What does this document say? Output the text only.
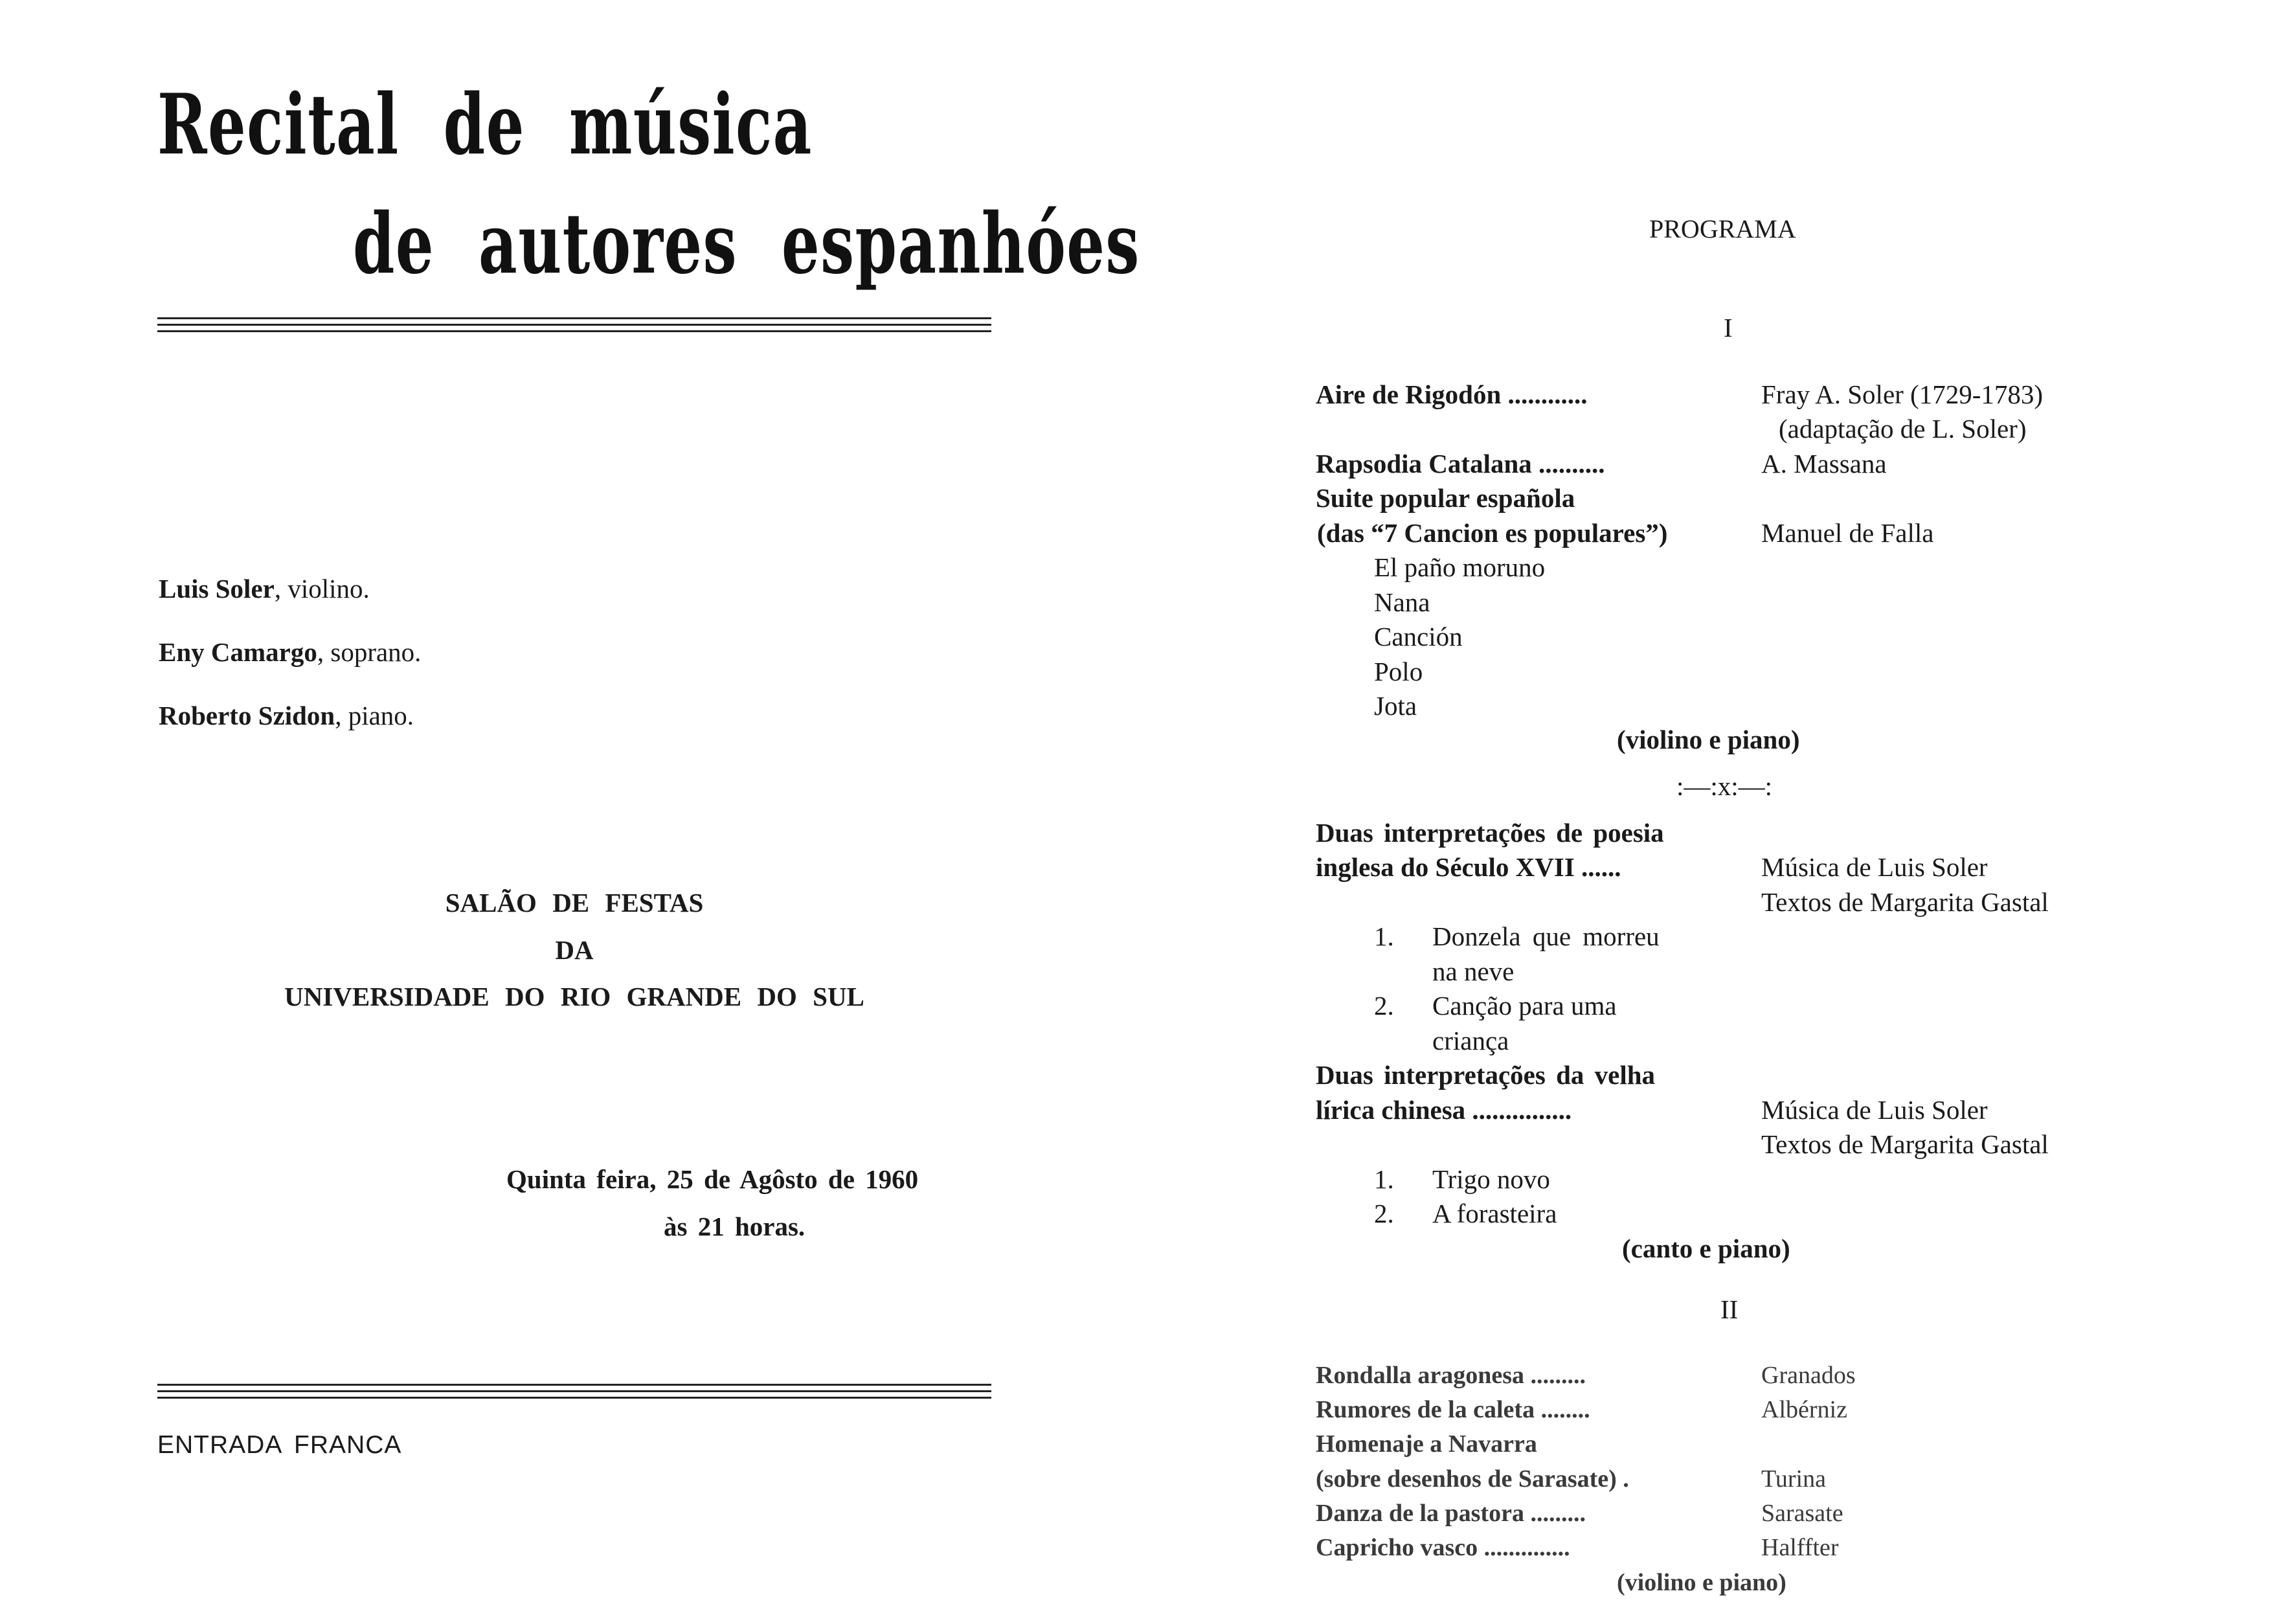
Recital de música
de autores espanhóes
Luis Soler, violino.
Eny Camargo, soprano.
Roberto Szidon, piano.
SALÃO DE FESTAS
DA
UNIVERSIDADE DO RIO GRANDE DO SUL
Quinta feira, 25 de Agôsto de 1960
às 21 horas.
ENTRADA FRANCA
PROGRAMA
I
Aire de Rigodón ............	Fray A. Soler (1729-1783)
(adaptação de L. Soler)
Rapsodia Catalana ..........	A. Massana
Suite popular española
(das “7 Cancion es populares”)	Manuel de Falla
El paño moruno
Nana
Canción
Polo
Jota
(violino e piano)
:—:x:—:
Duas interpretações de poesia
inglesa do Século XVII ......	Música de Luis Soler
Textos de Margarita Gastal
1. Donzela que morreu
na neve
2. Canção para uma
criança
Duas interpretações da velha
lírica chinesa ...............	Música de Luis Soler
Textos de Margarita Gastal
1. Trigo novo
2. A forasteira
(canto e piano)
II
Rondalla aragonesa .........	Granados
Rumores de la caleta ........	Albérniz
Homenaje a Navarra
(sobre desenhos de Sarasate) .	Turina
Danza de la pastora .........	Sarasate
Capricho vasco ..............	Halffter
(violino e piano)
